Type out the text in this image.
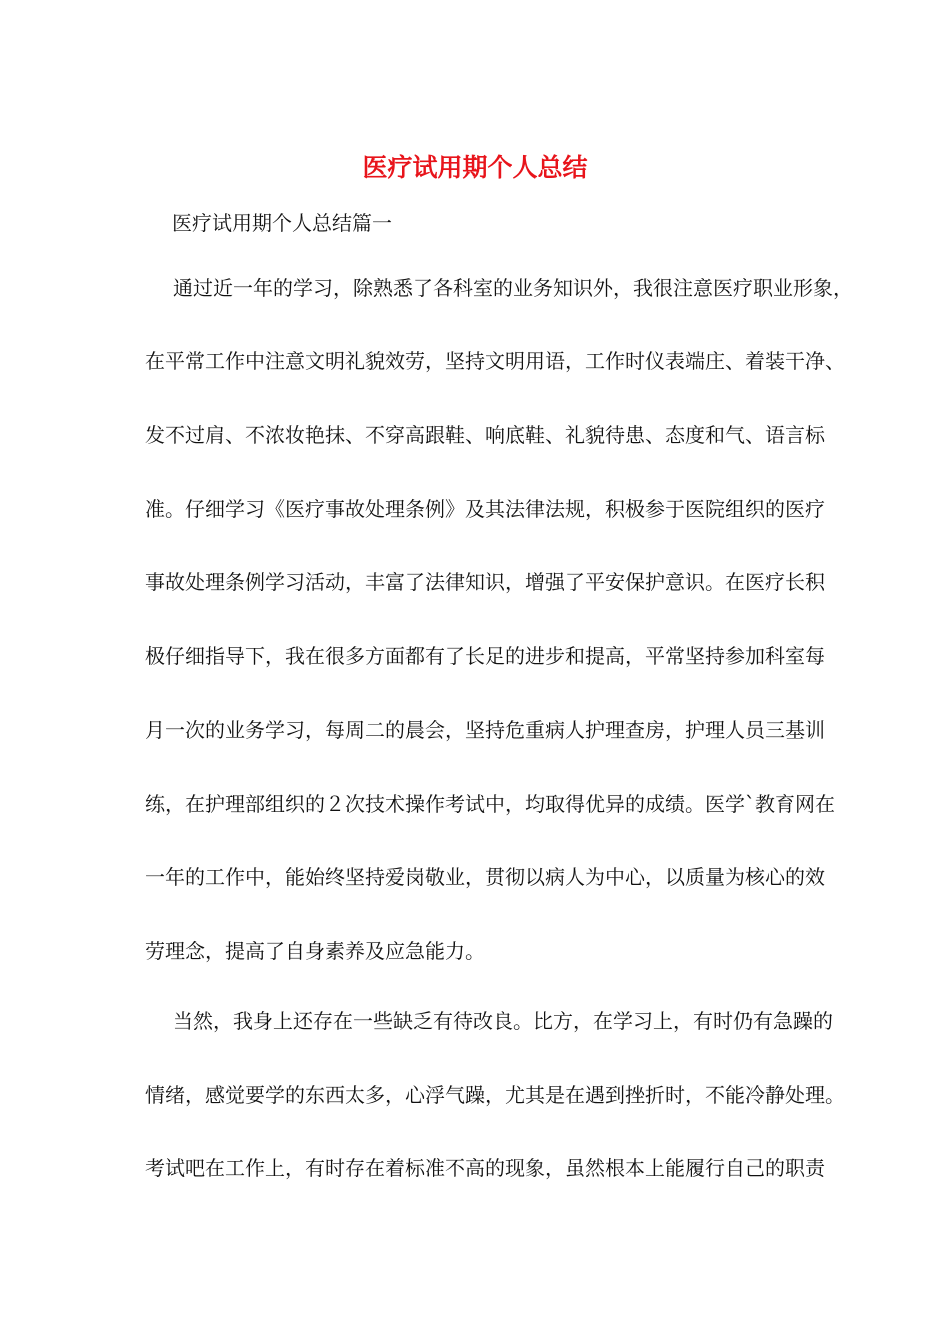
医疗试用期个人总结

医疗试用期个人总结篇一

通过近一年的学习，除熟悉了各科室的业务知识外，我很注意医疗职业形象，

在平常工作中注意文明礼貌效劳，坚持文明用语，工作时仪表端庄、着装干净、

发不过肩、不浓妆艳抹、不穿高跟鞋、响底鞋、礼貌待患、态度和气、语言标

准。仔细学习《医疗事故处理条例》及其法律法规，积极参于医院组织的医疗

事故处理条例学习活动，丰富了法律知识，增强了平安保护意识。在医疗长积

极仔细指导下，我在很多方面都有了长足的进步和提高，平常坚持参加科室每

月一次的业务学习，每周二的晨会，坚持危重病人护理查房，护理人员三基训

练，在护理部组织的２次技术操作考试中，均取得优异的成绩。医学`教育网在

一年的工作中，能始终坚持爱岗敬业，贯彻以病人为中心，以质量为核心的效

劳理念，提高了自身素养及应急能力。

当然，我身上还存在一些缺乏有待改良。比方，在学习上，有时仍有急躁的

情绪，感觉要学的东西太多，心浮气躁，尤其是在遇到挫折时，不能冷静处理。

考试吧在工作上，有时存在着标准不高的现象，虽然根本上能履行自己的职责
